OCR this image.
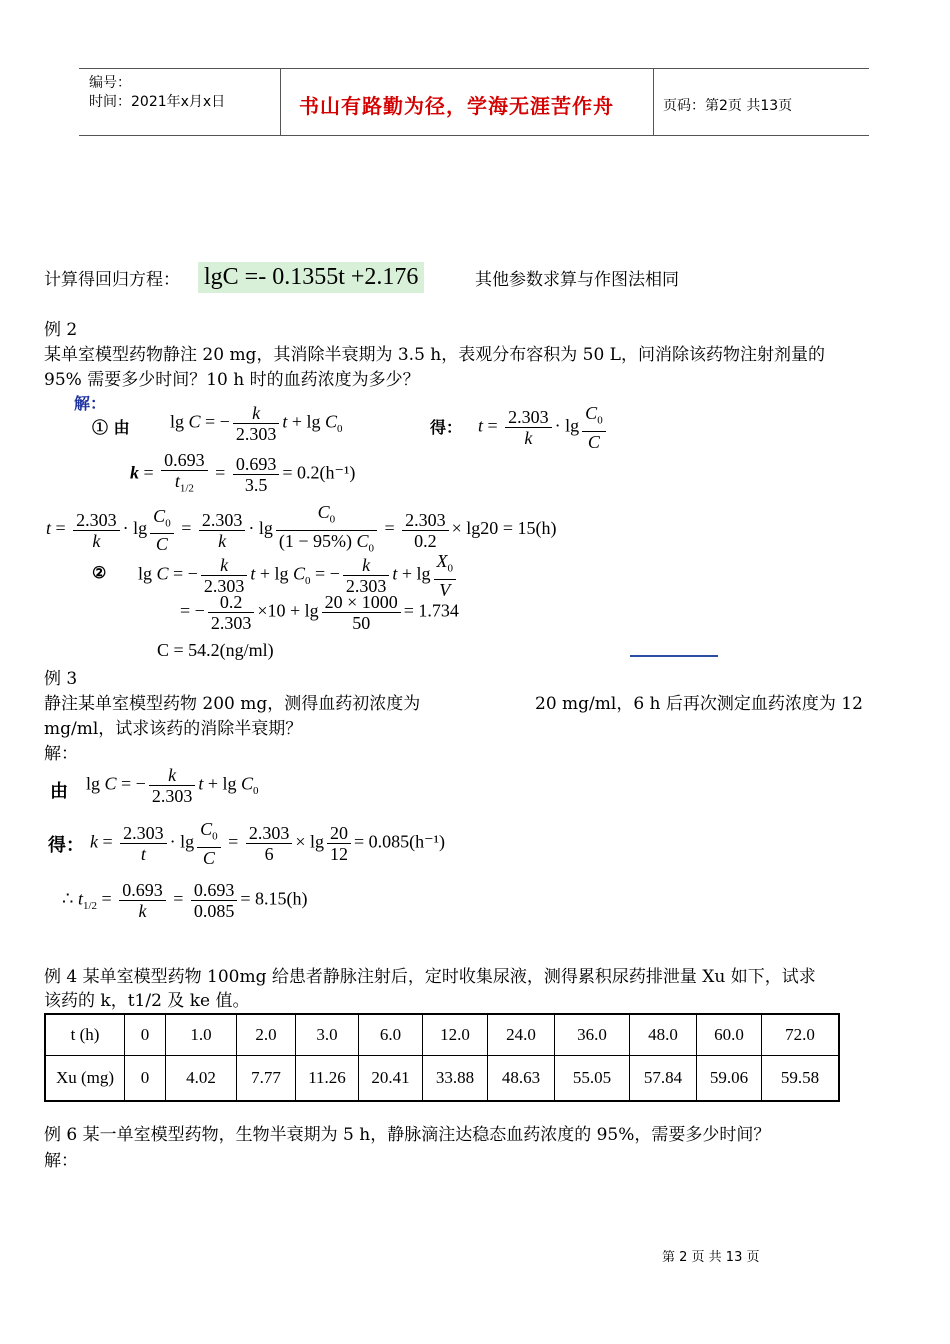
编号：
时间：2021年x月x日	书山有路勤为径，学海无涯苦作舟	页码：第2页 共13页
计算得回归方程： lgC =- 0.1355t +2.176	其他参数求算与作图法相同
例 2
某单室模型药物静注 20 mg，其消除半衰期为 3.5 h，表观分布容积为 50 L，问消除该药物注射剂量的
95% 需要多少时间？10 h 时的血药浓度为多少？
解：
① 由 lg C = − $\frac{k}{2.303}$ $t + \lg C_0$	得： $t = \frac{2.303}{k} \cdot \lg \frac{C_0}{C}$
$k = \frac{0.693}{t_{1/2}} = \frac{0.693}{3.5} = 0.2(h^{-1})$
$t = \frac{2.303}{k} \cdot \lg \frac{C_0}{C} = \frac{2.303}{k} \cdot \lg \frac{C_0}{(1 - 95\%) C_0} = \frac{2.303}{0.2} \times \lg 20 = 15(h)$
② lg C = − $\frac{k}{2.303}$ $t + \lg C_0$ = − $\frac{k}{2.303}$ $t + \lg \frac{X_0}{V}$
= − $\frac{0.2}{2.303} \times 10 + \lg \frac{20 \times 1000}{50} = 1.734$
C = 54.2(ng/ml)
例 3
静注某单室模型药物 200 mg，测得血药初浓度为	20 mg/ml，6 h 后再次测定血药浓度为 12
mg/ml，试求该药的消除半衰期？
解：
由 lg C = − $\frac{k}{2.303}$ $t + \lg C_0$
得： $k = \frac{2.303}{t} \cdot \lg \frac{C_0}{C} = \frac{2.303}{6} \times \lg \frac{20}{12} = 0.085(h^{-1})$
∴ $t_{1/2} = \frac{0.693}{k} = \frac{0.693}{0.085} = 8.15(h)$
例 4 某单室模型药物 100mg 给患者静脉注射后，定时收集尿液，测得累积尿药排泄量 Xu 如下，试求
该药的 k，t1/2 及 ke 值。
t (h)	0	1.0	2.0	3.0	6.0	12.0	24.0	36.0	48.0	60.0	72.0
Xu (mg)	0	4.02	7.77	11.26	20.41	33.88	48.63	55.05	57.84	59.06	59.58
例 6 某一单室模型药物，生物半衰期为 5 h，静脉滴注达稳态血药浓度的 95%，需要多少时间？
解：
第 2 页 共 13 页
